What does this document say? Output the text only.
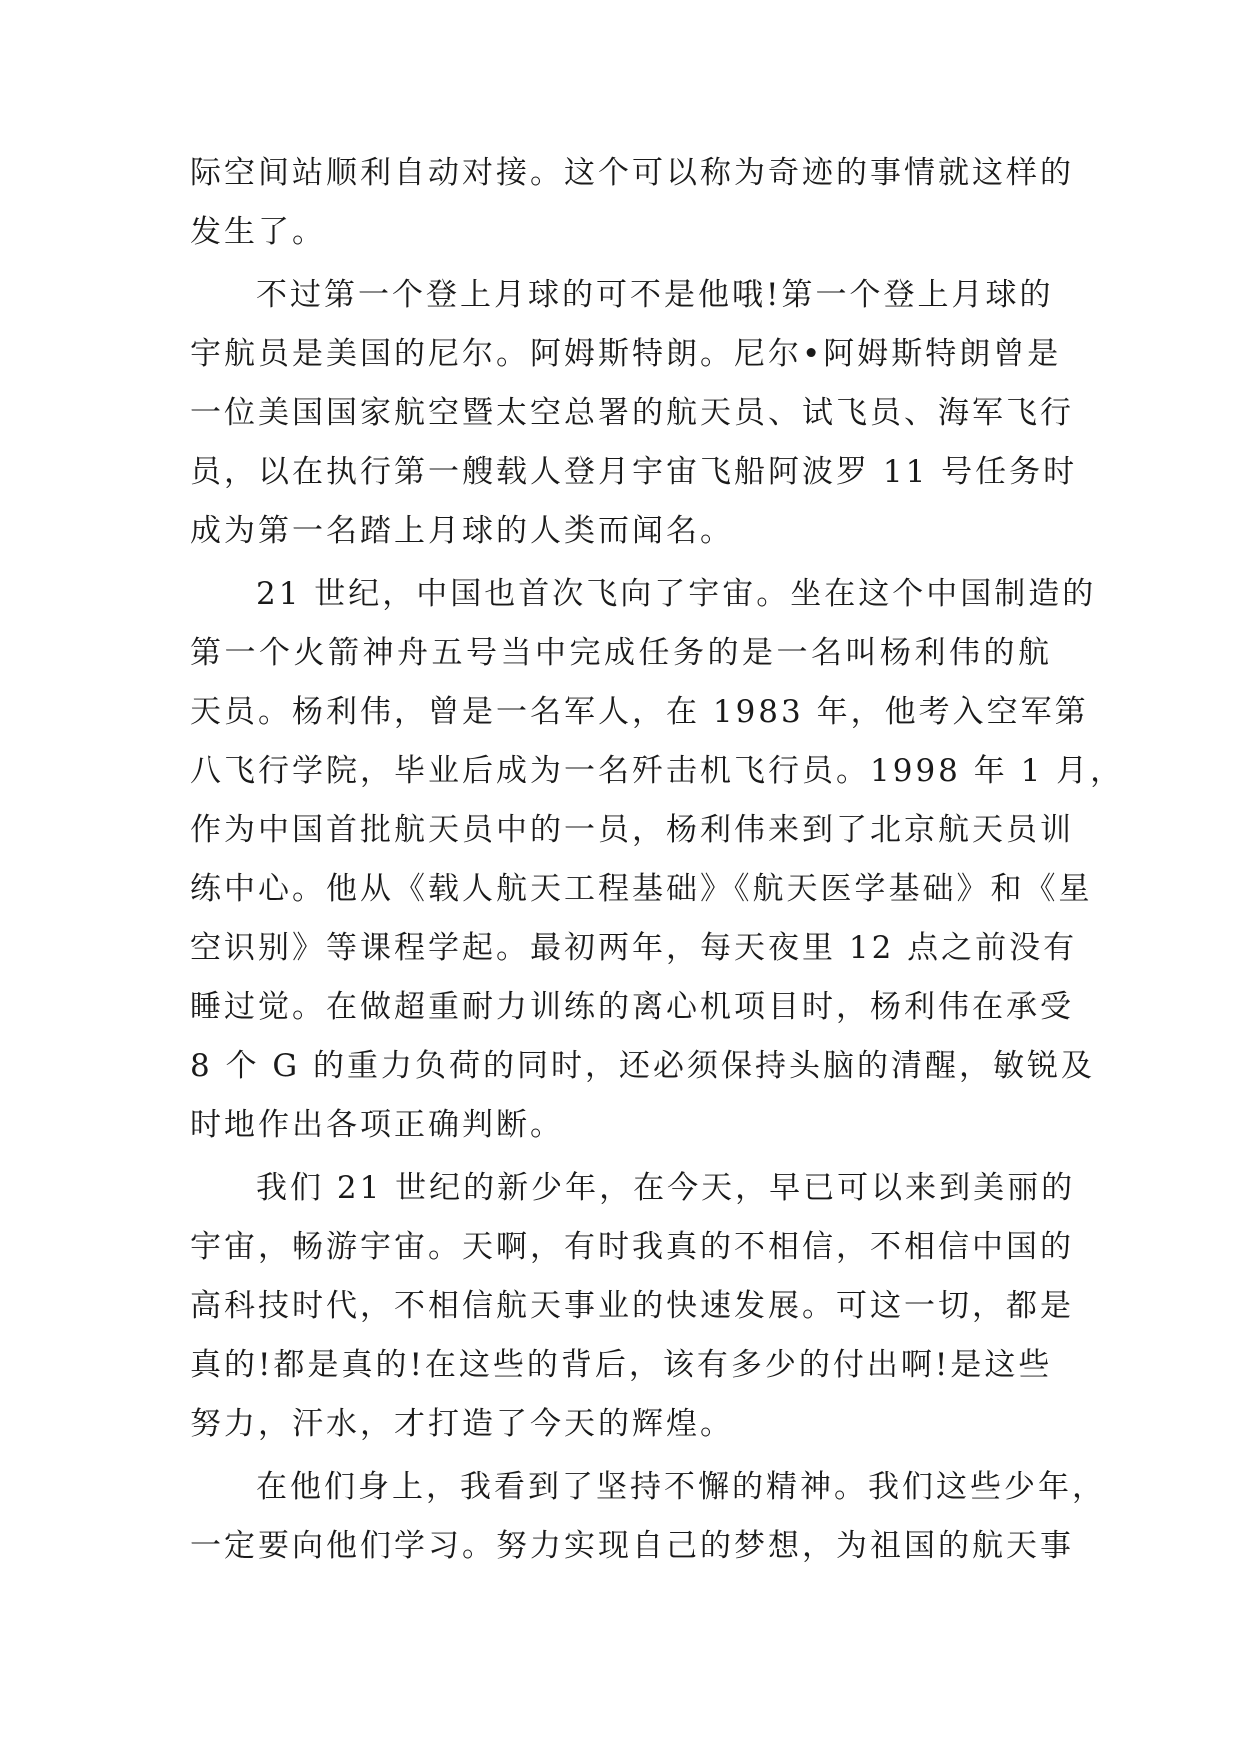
际空间站顺利自动对接。这个可以称为奇迹的事情就这样的
发生了。
不过第一个登上月球的可不是他哦!第一个登上月球的
宇航员是美国的尼尔。阿姆斯特朗。尼尔•阿姆斯特朗曾是
一位美国国家航空暨太空总署的航天员、试飞员、海军飞行
员，以在执行第一艘载人登月宇宙飞船阿波罗 11 号任务时
成为第一名踏上月球的人类而闻名。
21 世纪，中国也首次飞向了宇宙。坐在这个中国制造的
第一个火箭神舟五号当中完成任务的是一名叫杨利伟的航
天员。杨利伟，曾是一名军人，在 1983 年，他考入空军第
八飞行学院，毕业后成为一名歼击机飞行员。1998 年 1 月，
作为中国首批航天员中的一员，杨利伟来到了北京航天员训
练中心。他从《载人航天工程基础》《航天医学基础》和《星
空识别》等课程学起。最初两年，每天夜里 12 点之前没有
睡过觉。在做超重耐力训练的离心机项目时，杨利伟在承受
8 个 G 的重力负荷的同时，还必须保持头脑的清醒，敏锐及
时地作出各项正确判断。
我们 21 世纪的新少年，在今天，早已可以来到美丽的
宇宙，畅游宇宙。天啊，有时我真的不相信，不相信中国的
高科技时代，不相信航天事业的快速发展。可这一切，都是
真的!都是真的!在这些的背后，该有多少的付出啊!是这些
努力，汗水，才打造了今天的辉煌。
在他们身上，我看到了坚持不懈的精神。我们这些少年，
一定要向他们学习。努力实现自己的梦想，为祖国的航天事
